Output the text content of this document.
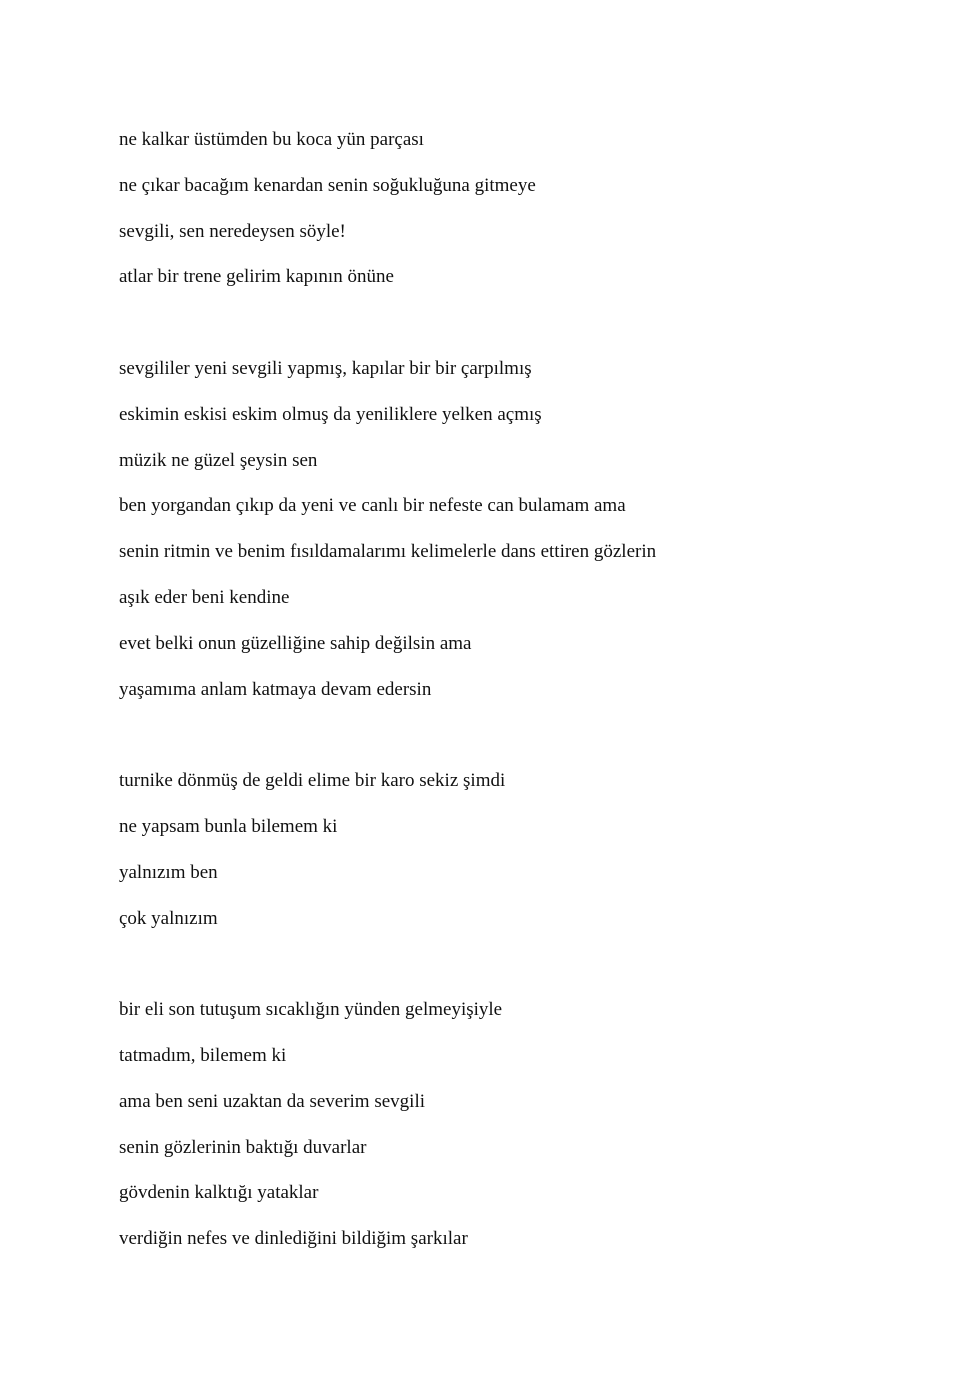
ne kalkar üstümden bu koca yün parçası
ne çıkar bacağım kenardan senin soğukluğuna gitmeye
sevgili, sen neredeysen söyle!
atlar bir trene gelirim kapının önüne
sevgililer yeni sevgili yapmış, kapılar bir bir çarpılmış
eskimin eskisi eskim olmuş da yeniliklere yelken açmış
müzik ne güzel şeysin sen
ben yorgandan çıkıp da yeni ve canlı bir nefeste can bulamam ama
senin ritmin ve benim fısıldamalarımı kelimelerle dans ettiren gözlerin
aşık eder beni kendine
evet belki onun güzelliğine sahip değilsin ama
yaşamıma anlam katmaya devam edersin
turnike dönmüş de geldi elime bir karo sekiz şimdi
ne yapsam bunla bilemem ki
yalnızım ben
çok yalnızım
bir eli son tutuşum sıcaklığın yünden gelmeyişiyle
tatmadım, bilemem ki
ama ben seni uzaktan da severim sevgili
senin gözlerinin baktığı duvarlar
gövdenin kalktığı yataklar
verdiğin nefes ve dinlediğini bildiğim şarkılar
